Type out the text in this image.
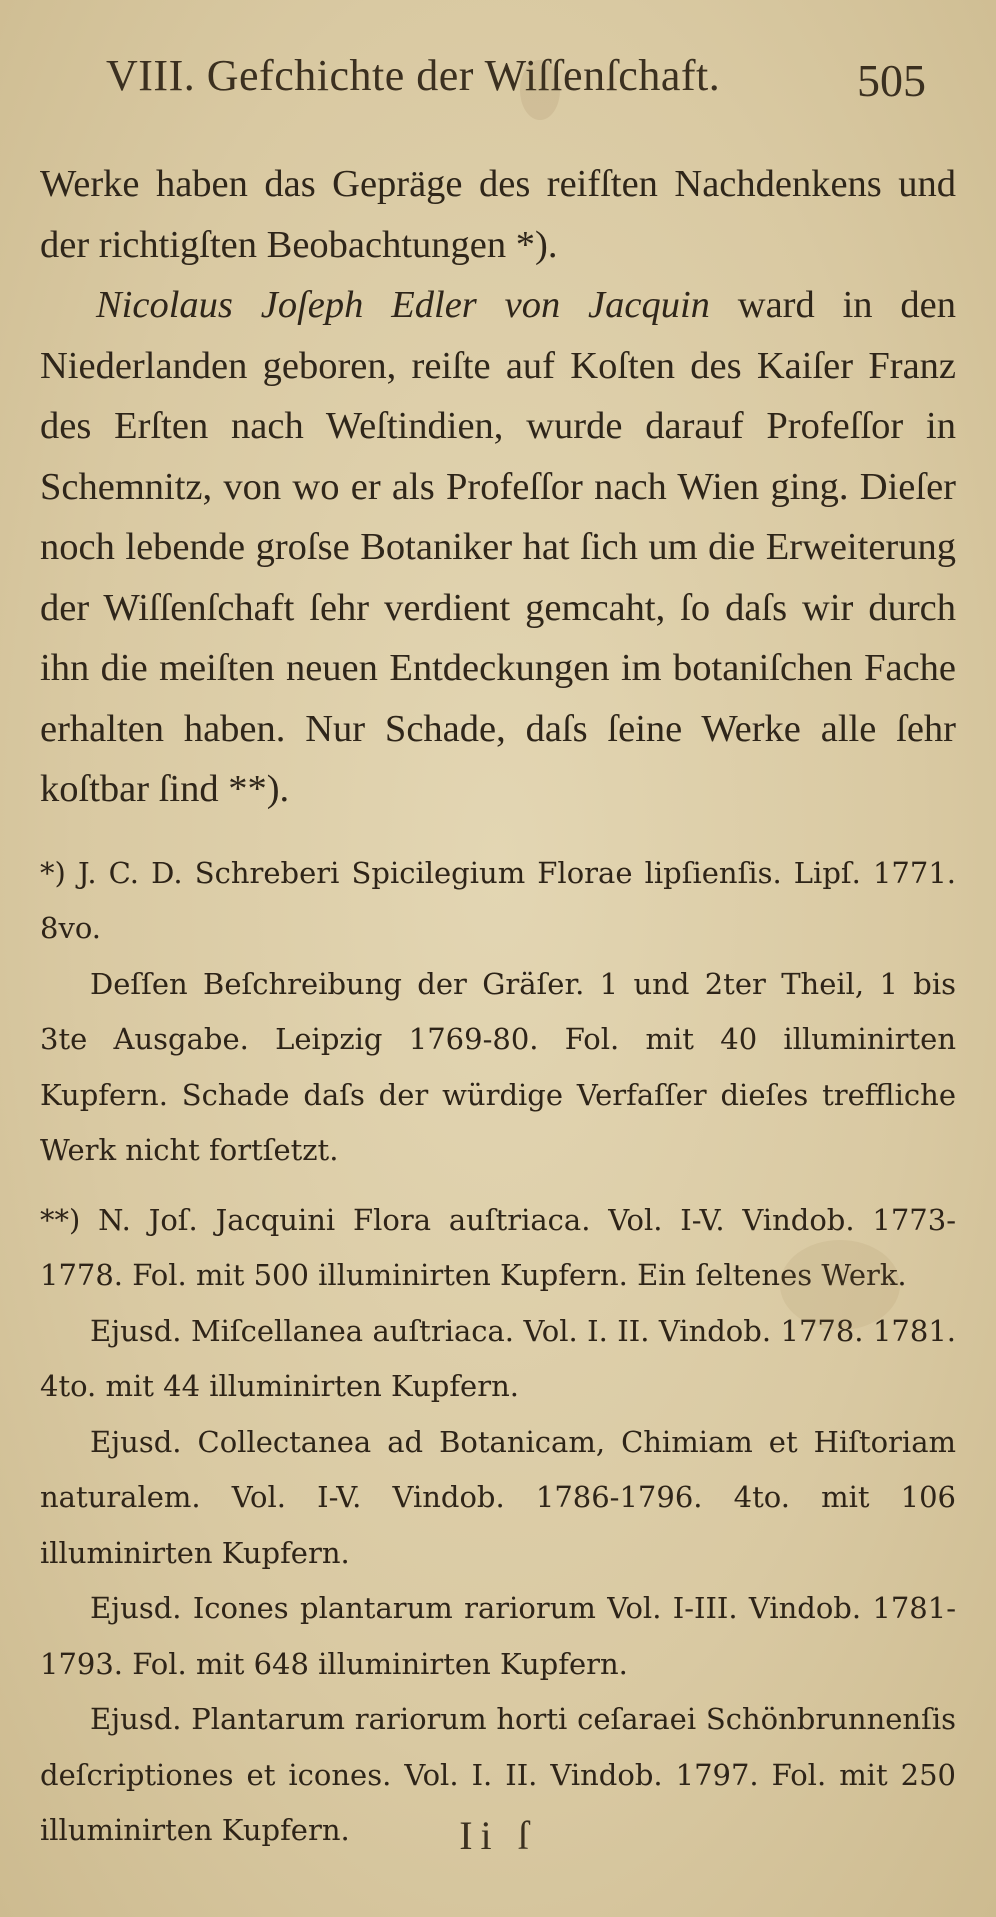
VIII. Gefchichte der Wiſſenſchaft.	505

Werke haben das Gepräge des reifſten Nachdenkens und der richtigſten Beobachtungen *).

Nicolaus Joſeph Edler von Jacquin ward in den Niederlanden geboren, reiſte auf Koſten des Kaiſer Franz des Erſten nach Weſtindien, wurde darauf Profeſſor in Schemnitz, von wo er als Profeſſor nach Wien ging. Dieſer noch lebende groſse Botaniker hat ſich um die Erweiterung der Wiſſenſchaft ſehr verdient gemcaht, ſo daſs wir durch ihn die meiſten neuen Entdeckungen im botaniſchen Fache erhalten haben. Nur Schade, daſs ſeine Werke alle ſehr koſtbar ſind **).

*) J. C. D. Schreberi Spicilegium Florae lipſienſis. Lipſ. 1771. 8vo.

Deſſen Beſchreibung der Gräſer. 1 und 2ter Theil, 1 bis 3te Ausgabe. Leipzig 1769-80. Fol. mit 40 illuminirten Kupfern. Schade daſs der würdige Verfaſſer dieſes treffliche Werk nicht fortſetzt.

**) N. Joſ. Jacquini Flora auſtriaca. Vol. I-V. Vindob. 1773-1778. Fol. mit 500 illuminirten Kupfern. Ein ſeltenes Werk.

Ejusd. Miſcellanea auſtriaca. Vol. I. II. Vindob. 1778. 1781. 4to. mit 44 illuminirten Kupfern.

Ejusd. Collectanea ad Botanicam, Chimiam et Hiſtoriam naturalem. Vol. I-V. Vindob. 1786-1796. 4to. mit 106 illuminirten Kupfern.

Ejusd. Icones plantarum rariorum Vol. I-III. Vindob. 1781-1793. Fol. mit 648 illuminirten Kupfern.

Ejusd. Plantarum rariorum horti ceſaraei Schönbrunnenſis deſcriptiones et icones. Vol. I. II. Vindob. 1797. Fol. mit 250 illuminirten Kupfern.	Ii ſ
